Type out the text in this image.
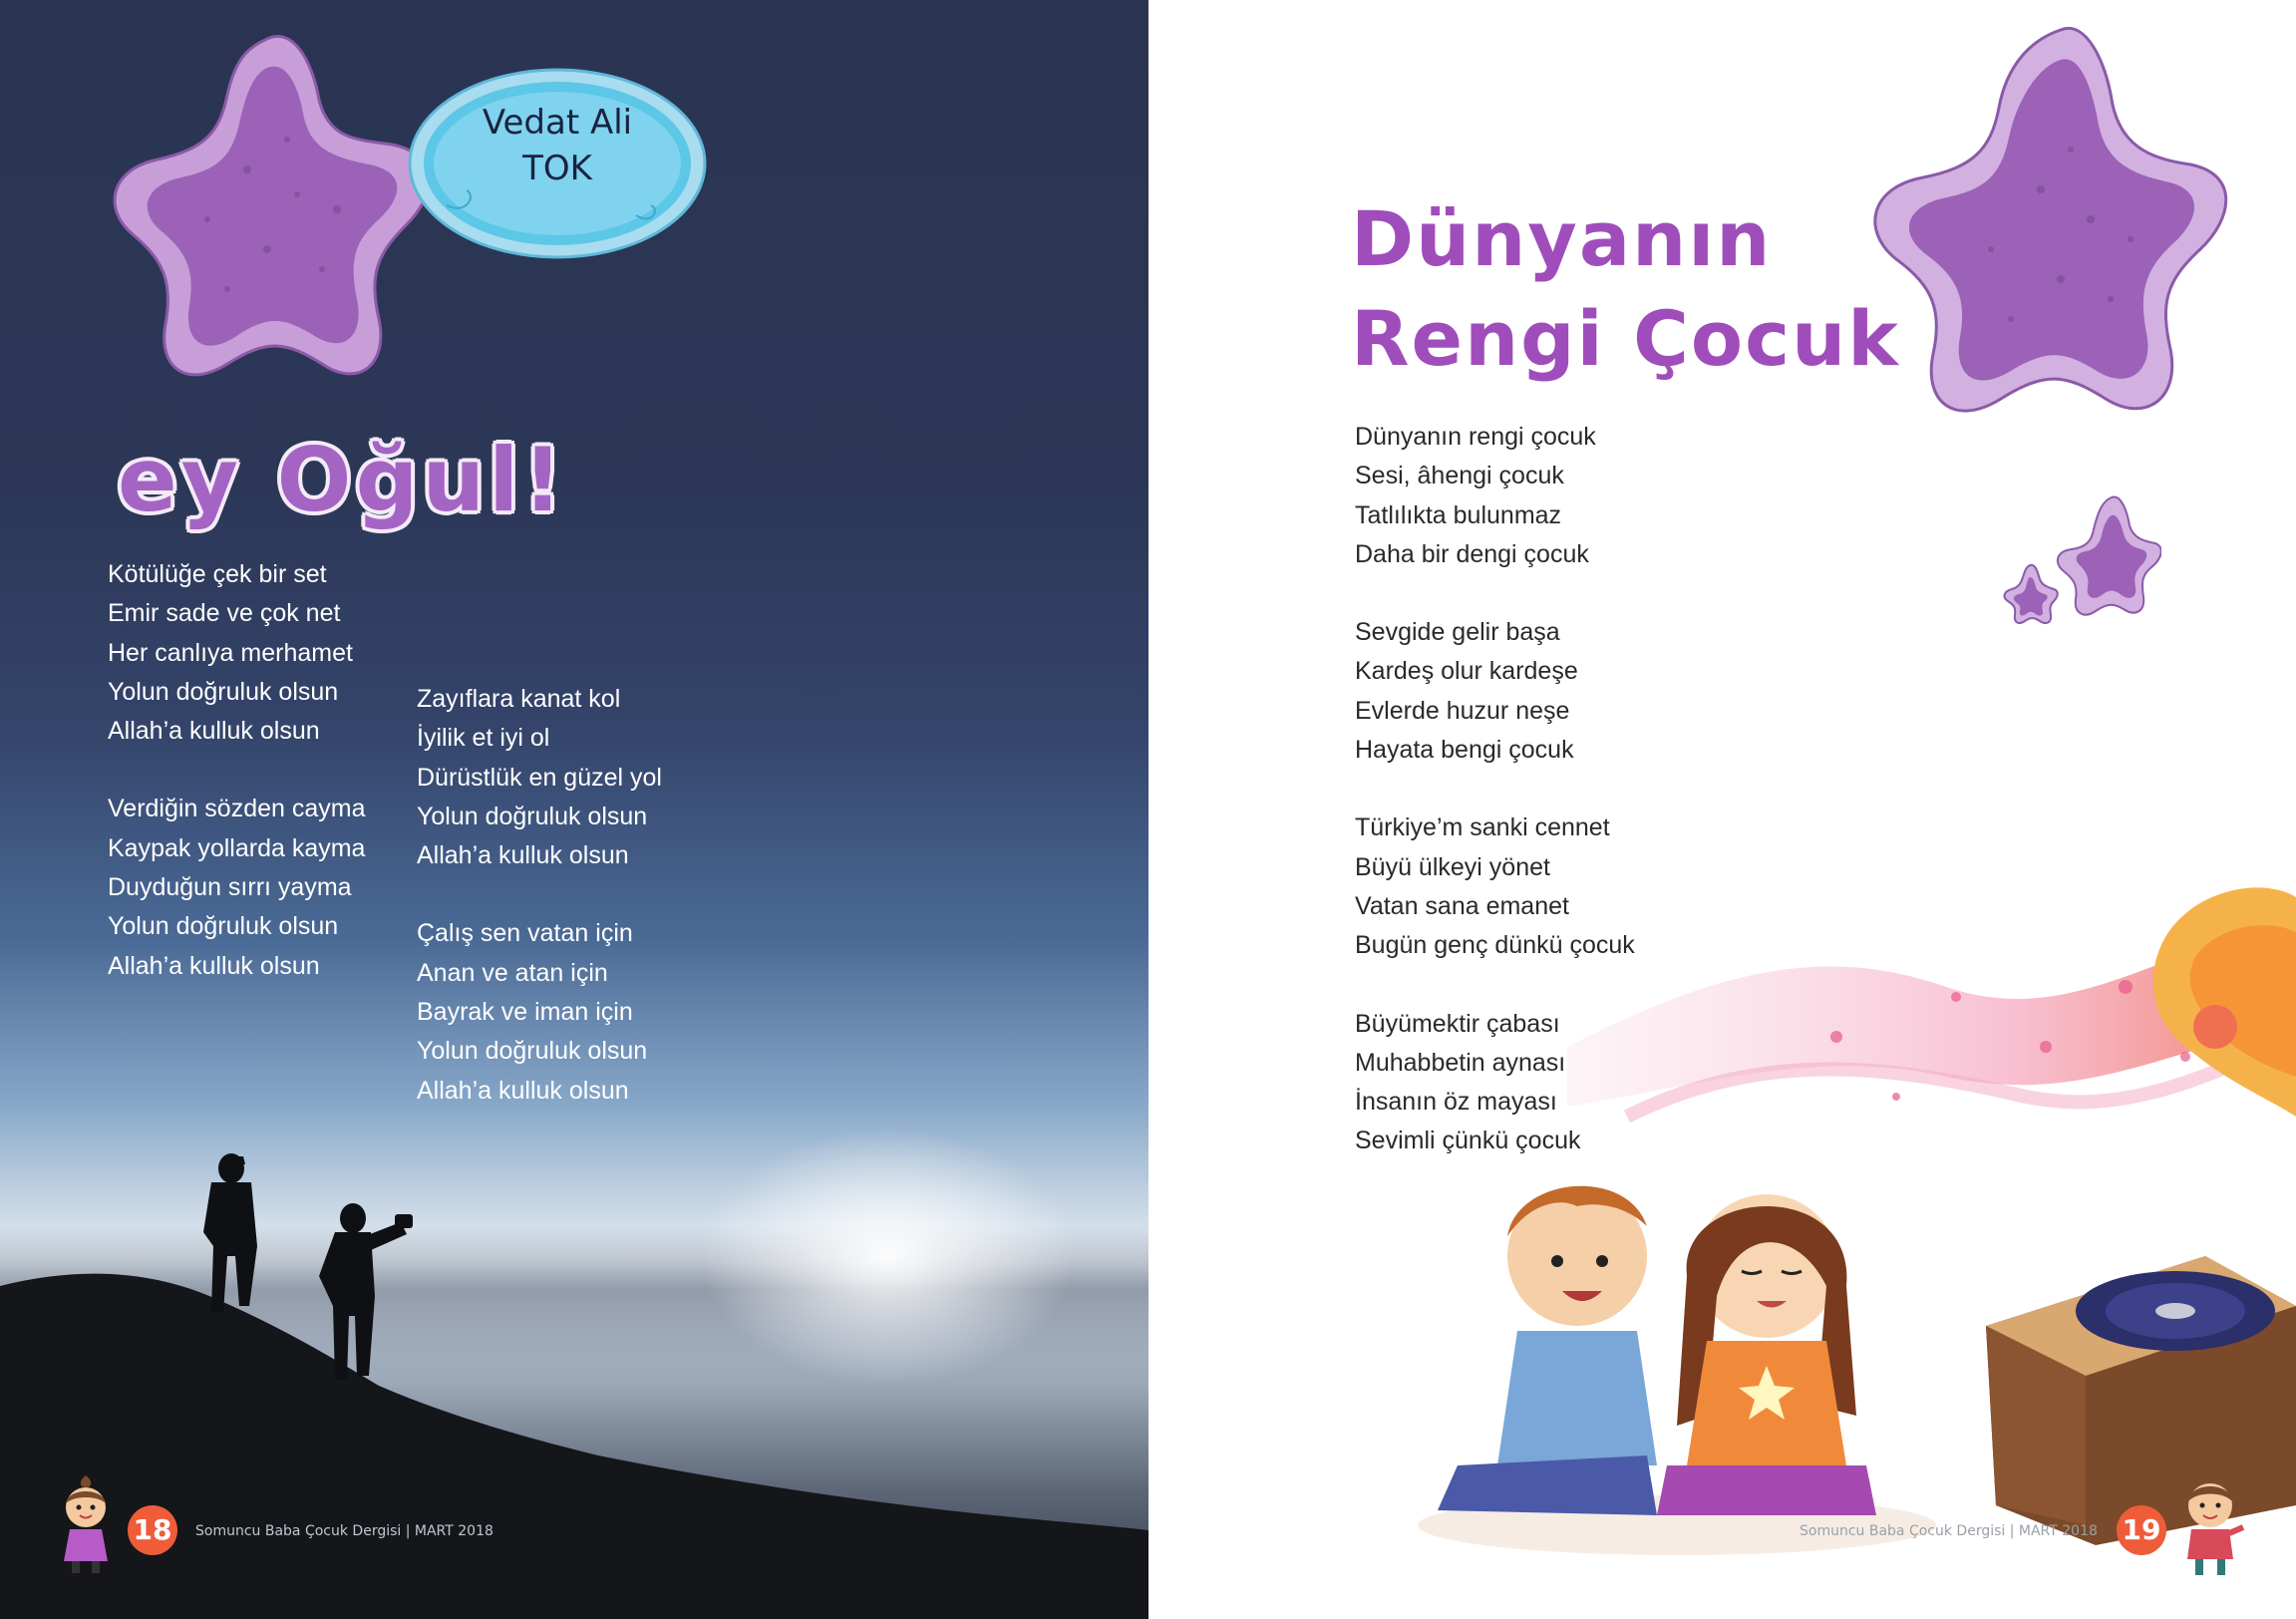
Vedat Ali
TOK
ey Oğul!
Kötülüğe çek bir set
Emir sade ve çok net
Her canlıya merhamet
Yolun doğruluk olsun
Allah’a kulluk olsun
Verdiğin sözden cayma
Kaypak yollarda kayma
Duyduğun sırrı yayma
Yolun doğruluk olsun
Allah’a kulluk olsun
Zayıflara kanat kol
İyilik et iyi ol
Dürüstlük en güzel yol
Yolun doğruluk olsun
Allah’a kulluk olsun
Çalış sen vatan için
Anan ve atan için
Bayrak ve iman için
Yolun doğruluk olsun
Allah’a kulluk olsun
18	Somuncu Baba Çocuk Dergisi | MART 2018
Dünyanın
Rengi Çocuk
Dünyanın rengi çocuk
Sesi, âhengi çocuk
Tatlılıkta bulunmaz
Daha bir dengi çocuk
Sevgide gelir başa
Kardeş olur kardeşe
Evlerde huzur neşe
Hayata bengi çocuk
Türkiye’m sanki cennet
Büyü ülkeyi yönet
Vatan sana emanet
Bugün genç dünkü çocuk
Büyümektir çabası
Muhabbetin aynası
İnsanın öz mayası
Sevimli çünkü çocuk
Somuncu Baba Çocuk Dergisi | MART 2018 19
